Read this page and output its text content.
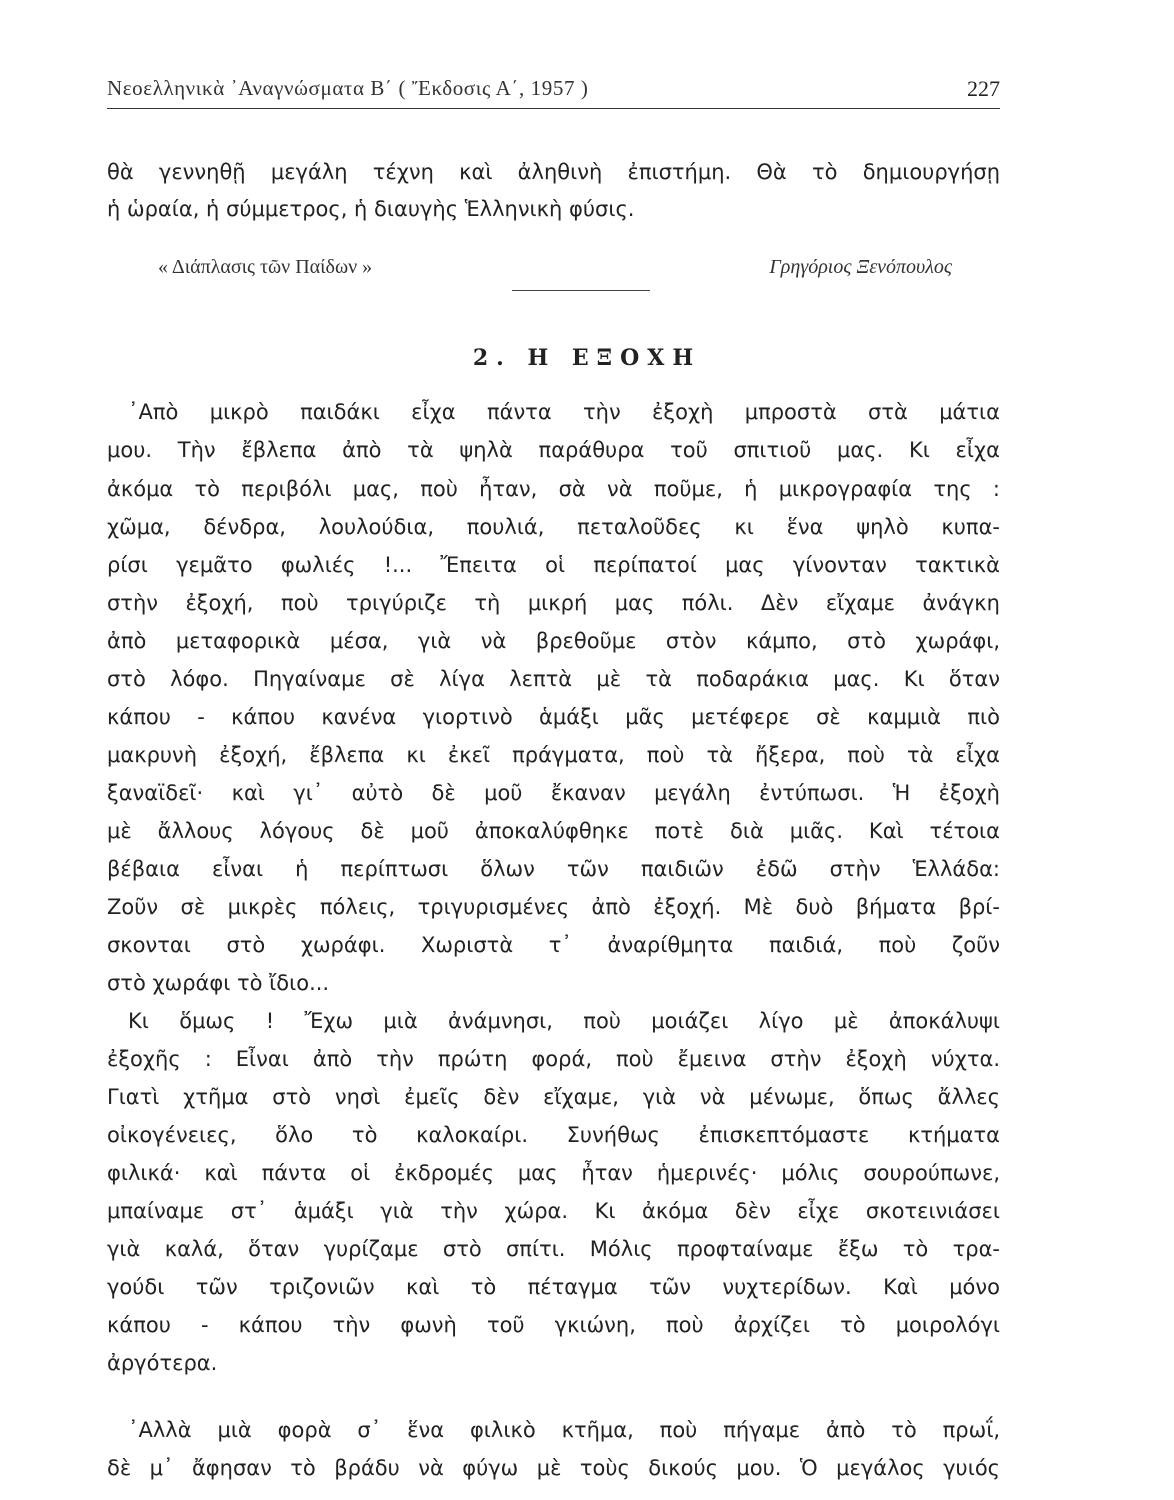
Νεοελληνικὰ ᾿Αναγνώσματα Β΄ ( Ἔκδοσις Α΄, 1957 )	227

θὰ γεννηθῇ μεγάλη τέχνη καὶ ἀληθινὴ ἐπιστήμη. Θὰ τὸ δημιουργήσῃ

ἡ ὡραία, ἡ σύμμετρος, ἡ διαυγὴς Ἑλληνικὴ φύσις.

« Διάπλασις τῶν Παίδων »	Γρηγόριος Ξενόπουλος
2. Η ΕΞΟΧΗ

᾿Απὸ μικρὸ παιδάκι εἶχα πάντα τὴν ἐξοχὴ μπροστὰ στὰ μάτια

μου. Τὴν ἔβλεπα ἀπὸ τὰ ψηλὰ παράθυρα τοῦ σπιτιοῦ μας. Κι εἶχα

ἀκόμα τὸ περιβόλι μας, ποὺ ἦταν, σὰ νὰ ποῦμε, ἡ μικρογραφία της :

χῶμα, δένδρα, λουλούδια, πουλιά, πεταλοῦδες κι ἕνα ψηλὸ κυπα-

ρίσι γεμᾶτο φωλιές !... Ἔπειτα οἱ περίπατοί μας γίνονταν τακτικὰ

στὴν ἐξοχή, ποὺ τριγύριζε τὴ μικρή μας πόλι. Δὲν εἴχαμε ἀνάγκη

ἀπὸ μεταφορικὰ μέσα, γιὰ νὰ βρεθοῦμε στὸν κάμπο, στὸ χωράφι,

στὸ λόφο. Πηγαίναμε σὲ λίγα λεπτὰ μὲ τὰ ποδαράκια μας. Κι ὅταν

κάπου - κάπου κανένα γιορτινὸ ἁμάξι μᾶς μετέφερε σὲ καμμιὰ πιὸ

μακρυνὴ ἐξοχή, ἔβλεπα κι ἐκεῖ πράγματα, ποὺ τὰ ἤξερα, ποὺ τὰ εἶχα

ξαναϊδεῖ· καὶ γι᾿ αὐτὸ δὲ μοῦ ἔκαναν μεγάλη ἐντύπωσι. Ἡ ἐξοχὴ

μὲ ἄλλους λόγους δὲ μοῦ ἀποκαλύφθηκε ποτὲ διὰ μιᾶς. Καὶ τέτοια

βέβαια εἶναι ἡ περίπτωσι ὅλων τῶν παιδιῶν ἐδῶ στὴν Ἑλλάδα:

Ζοῦν σὲ μικρὲς πόλεις, τριγυρισμένες ἀπὸ ἐξοχή. Μὲ δυὸ βήματα βρί-

σκονται στὸ χωράφι. Χωριστὰ τ᾿ ἀναρίθμητα παιδιά, ποὺ ζοῦν

στὸ χωράφι τὸ ἴδιο...

Κι ὅμως ! Ἔχω μιὰ ἀνάμνησι, ποὺ μοιάζει λίγο μὲ ἀποκάλυψι

ἐξοχῆς : Εἶναι ἀπὸ τὴν πρώτη φορά, ποὺ ἔμεινα στὴν ἐξοχὴ νύχτα.

Γιατὶ χτῆμα στὸ νησὶ ἐμεῖς δὲν εἴχαμε, γιὰ νὰ μένωμε, ὅπως ἄλλες

οἰκογένειες, ὅλο τὸ καλοκαίρι. Συνήθως ἐπισκεπτόμαστε κτήματα

φιλικά· καὶ πάντα οἱ ἐκδρομές μας ἦταν ἡμερινές· μόλις σουρούπωνε,

μπαίναμε στ᾿ ἁμάξι γιὰ τὴν χώρα. Κι ἀκόμα δὲν εἶχε σκοτεινιάσει

γιὰ καλά, ὅταν γυρίζαμε στὸ σπίτι. Μόλις προφταίναμε ἔξω τὸ τρα-

γούδι τῶν τριζονιῶν καὶ τὸ πέταγμα τῶν νυχτερίδων. Καὶ μόνο

κάπου - κάπου τὴν φωνὴ τοῦ γκιώνη, ποὺ ἀρχίζει τὸ μοιρολόγι

ἀργότερα.

᾿Αλλὰ μιὰ φορὰ σ᾿ ἕνα φιλικὸ κτῆμα, ποὺ πήγαμε ἀπὸ τὸ πρωΐ,

δὲ μ᾿ ἄφησαν τὸ βράδυ νὰ φύγω μὲ τοὺς δικούς μου. Ὁ μεγάλος γυιός
